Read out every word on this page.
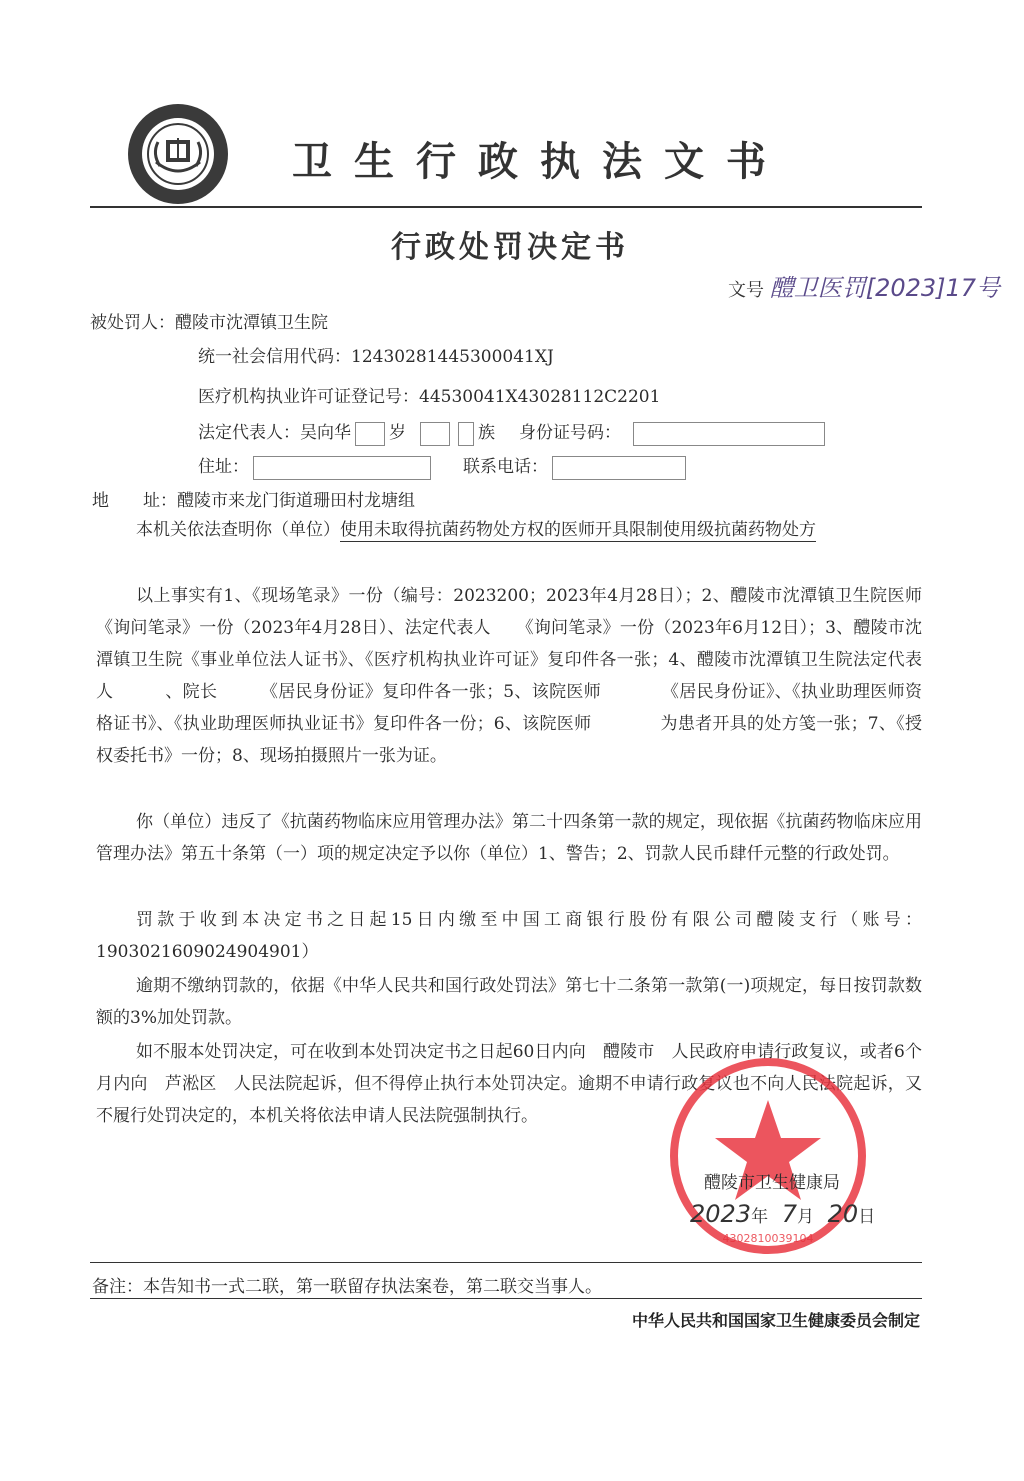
卫生行政执法文书
行政处罚决定书
文号 醴卫医罚[2023]17号
被处罚人：醴陵市沈潭镇卫生院
统一社会信用代码：12430281445300041XJ
医疗机构执业许可证登记号：44530041X43028112C2201
法定代表人：吴向华 岁	族 身份证号码：
住址：	联系电话：
地　　址：醴陵市来龙门街道珊田村龙塘组
本机关依法查明你（单位）使用未取得抗菌药物处方权的医师开具限制使用级抗菌药物处方
以上事实有1、《现场笔录》一份（编号：2023200；2023年4月28日）；2、醴陵市沈潭镇卫生院医师　　　《询问笔录》一份（2023年4月28日）、法定代表人　　《询问笔录》一份（2023年6月12日）；3、醴陵市沈潭镇卫生院《事业单位法人证书》、《医疗机构执业许可证》复印件各一张；4、醴陵市沈潭镇卫生院法定代表人　　　、院长　　　《居民身份证》复印件各一张；5、该院医师　　　　《居民身份证》、《执业助理医师资格证书》、《执业助理医师执业证书》复印件各一份；6、该院医师　　　　为患者开具的处方笺一张；7、《授权委托书》一份；8、现场拍摄照片一张为证。
你（单位）违反了《抗菌药物临床应用管理办法》第二十四条第一款的规定，现依据《抗菌药物临床应用管理办法》第五十条第（一）项的规定决定予以你（单位）1、警告；2、罚款人民币肆仟元整的行政处罚。
罚款于收到本决定书之日起15日内缴至中国工商银行股份有限公司醴陵支行（账号：1903021609024904901）
逾期不缴纳罚款的，依据《中华人民共和国行政处罚法》第七十二条第一款第(一)项规定，每日按罚款数额的3%加处罚款。
如不服本处罚决定，可在收到本处罚决定书之日起60日内向　醴陵市　人民政府申请行政复议，或者6个月内向　芦淞区　人民法院起诉，但不得停止执行本处罚决定。逾期不申请行政复议也不向人民法院起诉，又不履行处罚决定的，本机关将依法申请人民法院强制执行。
4302810039104
醴陵市卫生健康局
2023年 7月 20日
备注：本告知书一式二联，第一联留存执法案卷，第二联交当事人。
中华人民共和国国家卫生健康委员会制定
